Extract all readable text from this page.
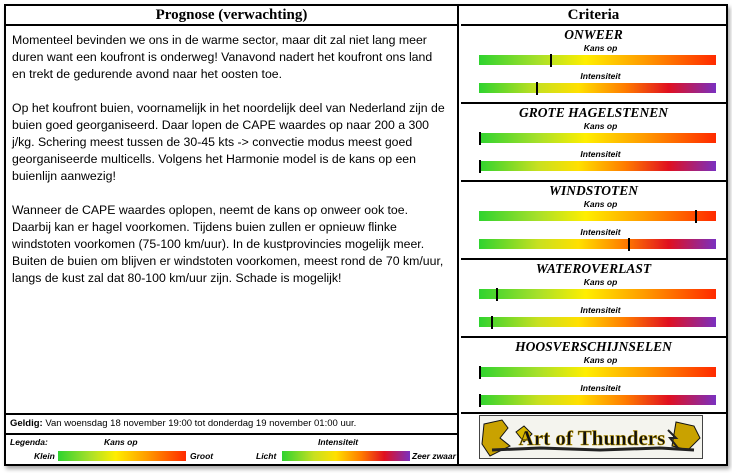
Prognose (verwachting)

Momenteel bevinden we ons in de warme sector, maar dit zal niet lang meer duren want een koufront is onderweg! Vanavond nadert het koufront ons land en trekt de gedurende avond naar het oosten toe.

Op het koufront buien, voornamelijk in het noordelijk deel van Nederland zijn de buien goed georganiseerd. Daar lopen de CAPE waardes op naar 200 a 300 j/kg. Schering meest tussen de 30-45 kts -> convectie modus meest goed georganiseerde multicells. Volgens het Harmonie model is de kans op een buienlijn aanwezig!

Wanneer de CAPE waardes oplopen, neemt de kans op onweer ook toe. Daarbij kan er hagel voorkomen. Tijdens buien zullen er opnieuw flinke windstoten voorkomen (75-100 km/uur). In de kustprovincies mogelijk meer. Buiten de buien om blijven er windstoten voorkomen, meest rond de 70 km/uur, langs de kust zal dat 80-100 km/uur zijn. Schade is mogelijk!

Geldig: Van woensdag 18 november 19:00 tot donderdag 19 november 01:00 uur.
Legenda:	Kans op	Intensiteit
Klein	Groot	Licht	Zeer zwaar
Criteria
ONWEER
Kans op
Intensiteit
GROTE HAGELSTENEN
Kans op
Intensiteit
WINDSTOTEN
Kans op
Intensiteit
WATEROVERLAST
Kans op
Intensiteit
HOOSVERSCHIJNSELEN
Kans op
Intensiteit
Art of Thunders
